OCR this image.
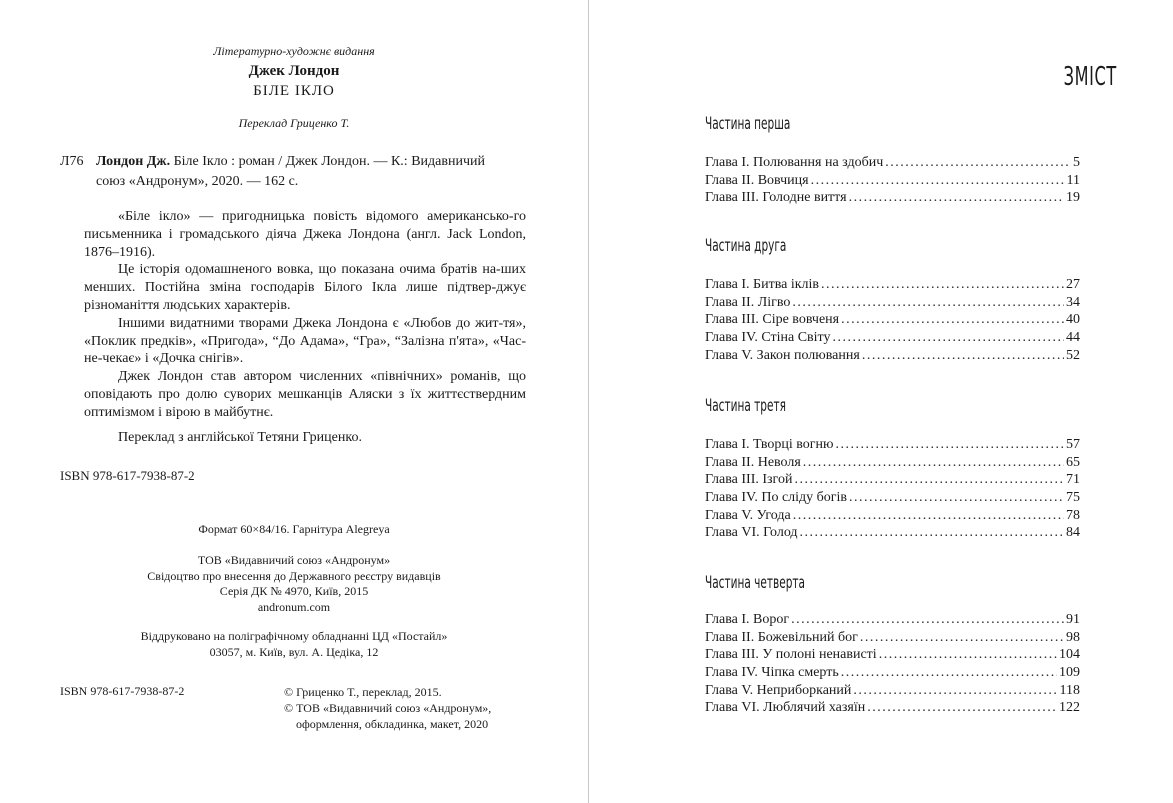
Літературно-художнє видання
Джек Лондон
БІЛЕ ІКЛО
Переклад Гриценко Т.
Л76 Лондон Дж. Біле Ікло : роман / Джек Лондон. — К.: Видавничий
союз «Андронум», 2020. — 162 с.
«Біле ікло» — пригодницька повість відомого американсько-го письменника і громадського діяча Джека Лондона (англ. Jack London, 1876–1916).
Це історія одомашненого вовка, що показана очима братів на-ших менших. Постійна зміна господарів Білого Ікла лише підтвер-джує різноманіття людських характерів.
Іншими видатними творами Джека Лондона є «Любов до жит-тя», «Поклик предків», «Пригода», “До Адама», “Гра», “Залізна п'ята», «Час-не-чекає» і «Дочка снігів».
Джек Лондон став автором численних «північних» романів, що оповідають про долю суворих мешканців Аляски з їх життєствердним оптимізмом і вірою в майбутнє.
Переклад з англійської Тетяни Гриценко.
ISBN 978-617-7938-87-2
Формат 60×84/16. Гарнітура Alegreya
ТОВ «Видавничий союз «Андронум»
Свідоцтво про внесення до Державного реєстру видавців
Серія ДК № 4970, Київ, 2015
andronum.com
Віддруковано на поліграфічному обладнанні ЦД «Постайл»
03057, м. Київ, вул. А. Цедіка, 12
ISBN 978-617-7938-87-2	© Гриценко Т., переклад, 2015.
© ТОВ «Видавничий союз «Андронум»,
оформлення, обкладинка, макет, 2020
ЗМІСТ
Частина перша
Глава І. Полювання на здобич . . .	5
Глава ІІ. Вовчиця . . .	11
Глава ІІІ. Голодне виття . . .	19
Частина друга
Глава І. Битва іклів . . .	27
Глава ІІ. Лігво . . .	34
Глава ІІІ. Сіре вовченя . . .	40
Глава IV. Стіна Світу . . .	44
Глава V. Закон полювання . . .	52
Частина третя
Глава І. Творці вогню . . .	57
Глава ІІ. Неволя . . .	65
Глава ІІІ. Ізгой . . .	71
Глава IV. По сліду богів . . .	75
Глава V. Угода . . .	78
Глава VI. Голод . . .	84
Частина четверта
Глава І. Ворог . . .	91
Глава ІІ. Божевільний бог . . .	98
Глава ІІІ. У полоні ненависті . . .	104
Глава IV. Чіпка смерть . . .	109
Глава V. Неприборканий . . .	118
Глава VI. Люблячий хазяїн . . .	122
